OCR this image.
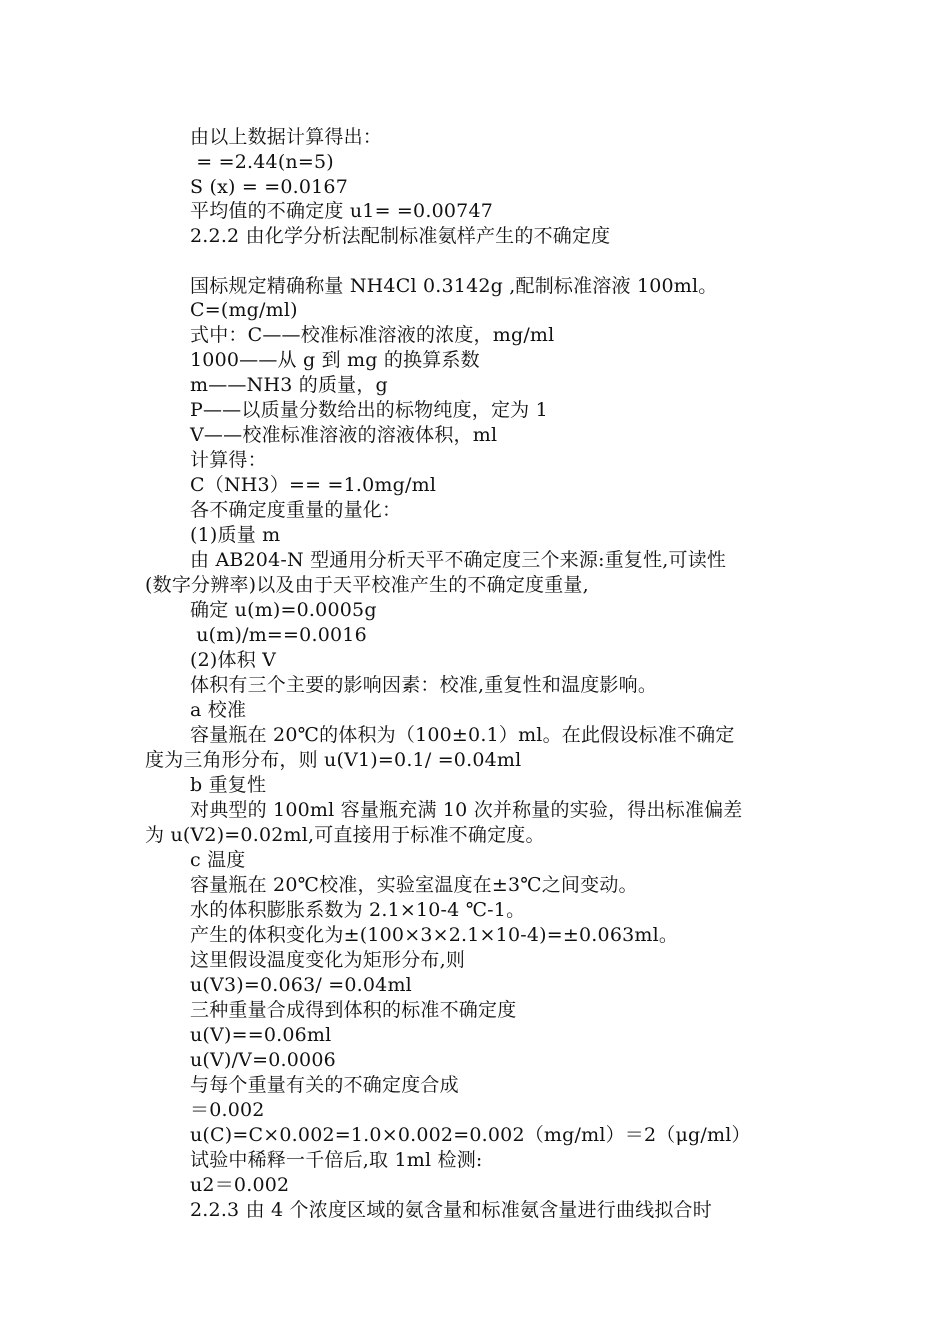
由以上数据计算得出：
= =2.44(n=5)
S (x) = =0.0167
平均值的不确定度 u1= =0.00747
2.2.2 由化学分析法配制标准氨样产生的不确定度
国标规定精确称量 NH4Cl 0.3142g ,配制标准溶液 100ml。
C=(mg/ml)
式中：C——校准标准溶液的浓度，mg/ml
1000——从 g 到 mg 的换算系数
m——NH3 的质量，g
P——以质量分数给出的标物纯度，定为 1
V——校准标准溶液的溶液体积，ml
计算得：
C（NH3）== =1.0mg/ml
各不确定度重量的量化：
(1)质量 m
由 AB204-N 型通用分析天平不确定度三个来源:重复性,可读性
(数字分辨率)以及由于天平校准产生的不确定度重量,
确定 u(m)=0.0005g
u(m)/m==0.0016
(2)体积 V
体积有三个主要的影响因素：校准,重复性和温度影响。
a 校准
容量瓶在 20℃的体积为（100±0.1）ml。在此假设标准不确定
度为三角形分布，则 u(V1)=0.1/ =0.04ml
b 重复性
对典型的 100ml 容量瓶充满 10 次并称量的实验，得出标准偏差
为 u(V2)=0.02ml,可直接用于标准不确定度。
c 温度
容量瓶在 20℃校准，实验室温度在±3℃之间变动。
水的体积膨胀系数为 2.1×10-4 ℃-1。
产生的体积变化为±(100×3×2.1×10-4)=±0.063ml。
这里假设温度变化为矩形分布,则
u(V3)=0.063/ =0.04ml
三种重量合成得到体积的标准不确定度
u(V)==0.06ml
u(V)/V=0.0006
与每个重量有关的不确定度合成
＝0.002
u(C)=C×0.002=1.0×0.002=0.002（mg/ml）＝2（μg/ml）
试验中稀释一千倍后,取 1ml 检测:
u2＝0.002
2.2.3 由 4 个浓度区域的氨含量和标准氨含量进行曲线拟合时
